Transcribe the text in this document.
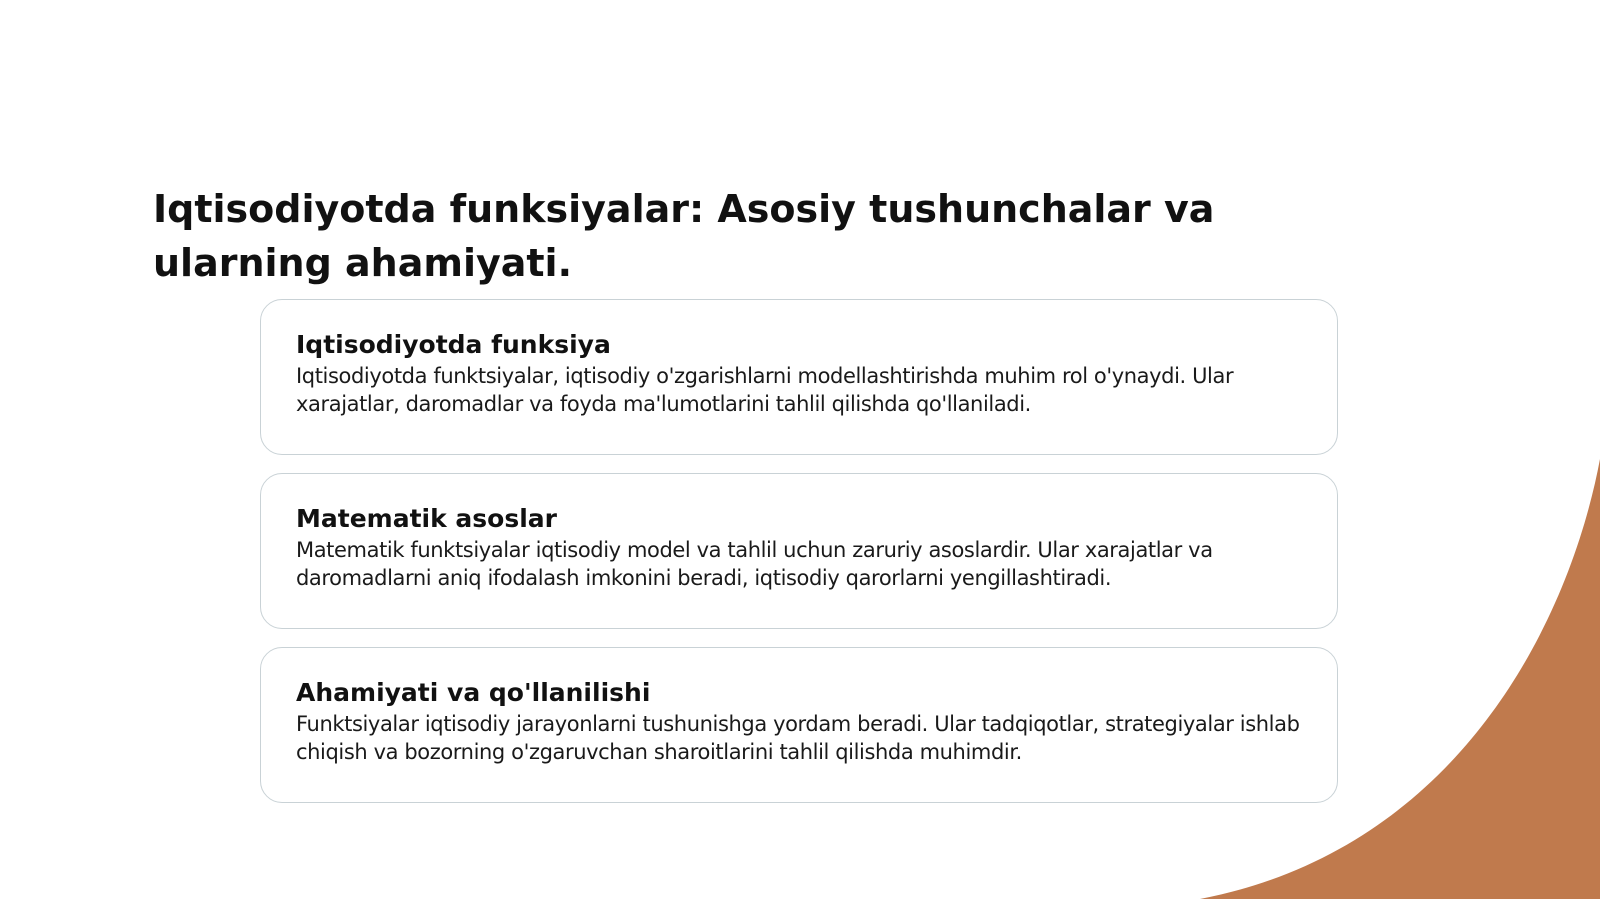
Iqtisodiyotda funksiyalar: Asosiy tushunchalar va ularning ahamiyati.
Iqtisodiyotda funksiya

Iqtisodiyotda funktsiyalar, iqtisodiy o'zgarishlarni modellashtirishda muhim rol o'ynaydi. Ular xarajatlar, daromadlar va foyda ma'lumotlarini tahlil qilishda qo'llaniladi.

Matematik asoslar

Matematik funktsiyalar iqtisodiy model va tahlil uchun zaruriy asoslardir. Ular xarajatlar va daromadlarni aniq ifodalash imkonini beradi, iqtisodiy qarorlarni yengillashtiradi.

Ahamiyati va qo'llanilishi

Funktsiyalar iqtisodiy jarayonlarni tushunishga yordam beradi. Ular tadqiqotlar, strategiyalar ishlab chiqish va bozorning o'zgaruvchan sharoitlarini tahlil qilishda muhimdir.
